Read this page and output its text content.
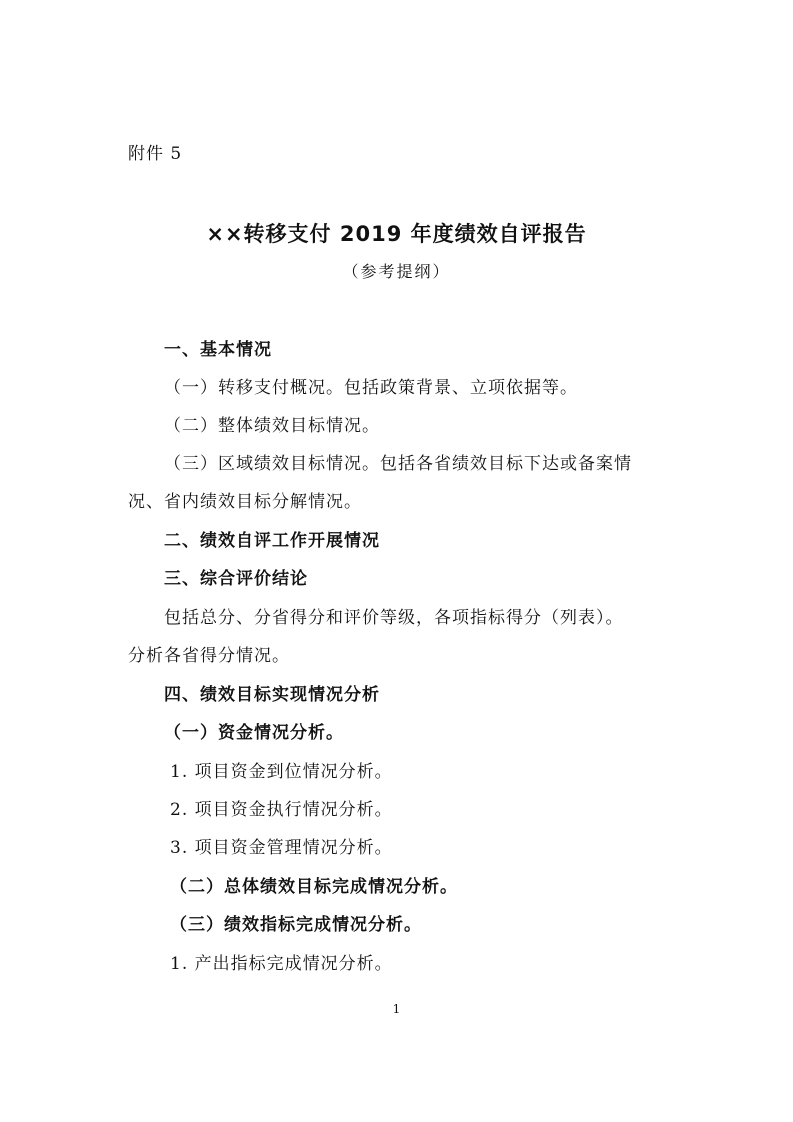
附件 5
××转移支付 2019 年度绩效自评报告
（参考提纲）
一、基本情况
（一）转移支付概况。包括政策背景、立项依据等。
（二）整体绩效目标情况。
（三）区域绩效目标情况。包括各省绩效目标下达或备案情
况、省内绩效目标分解情况。
二、绩效自评工作开展情况
三、综合评价结论
包括总分、分省得分和评价等级，各项指标得分（列表）。
分析各省得分情况。
四、绩效目标实现情况分析
（一）资金情况分析。
1. 项目资金到位情况分析。
2. 项目资金执行情况分析。
3. 项目资金管理情况分析。
（二）总体绩效目标完成情况分析。
（三）绩效指标完成情况分析。
1. 产出指标完成情况分析。
1
